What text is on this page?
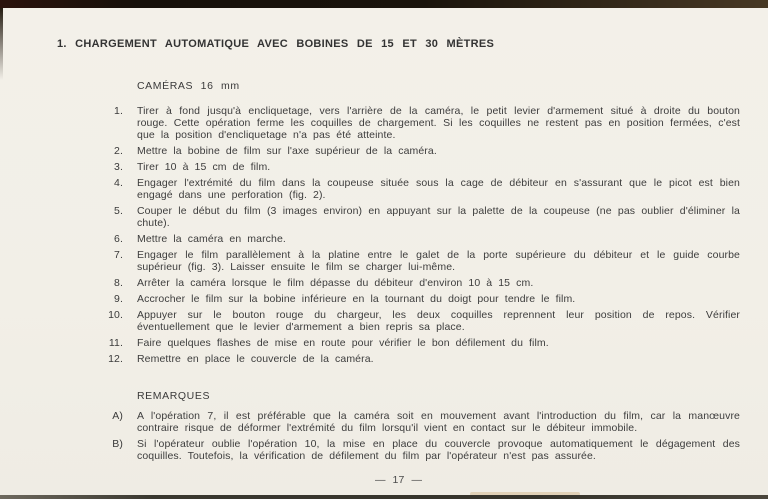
1. CHARGEMENT AUTOMATIQUE AVEC BOBINES DE 15 ET 30 MÈTRES
CAMÉRAS 16 mm
1.	Tirer à fond jusqu'à encliquetage, vers l'arrière de la caméra, le petit levier d'armement situé à droite du bouton rouge. Cette opération ferme les coquilles de chargement. Si les coquilles ne restent pas en position fermées, c'est que la position d'encliquetage n'a pas été atteinte.
2.	Mettre la bobine de film sur l'axe supérieur de la caméra.
3.	Tirer 10 à 15 cm de film.
4.	Engager l'extrémité du film dans la coupeuse située sous la cage de débiteur en s'assurant que le picot est bien engagé dans une perforation (fig. 2).
5.	Couper le début du film (3 images environ) en appuyant sur la palette de la coupeuse (ne pas oublier d'éliminer la chute).
6.	Mettre la caméra en marche.
7.	Engager le film parallèlement à la platine entre le galet de la porte supérieure du débiteur et le guide courbe supérieur (fig. 3). Laisser ensuite le film se charger lui-même.
8.	Arrêter la caméra lorsque le film dépasse du débiteur d'environ 10 à 15 cm.
9.	Accrocher le film sur la bobine inférieure en la tournant du doigt pour tendre le film.
10.	Appuyer sur le bouton rouge du chargeur, les deux coquilles reprennent leur position de repos. Vérifier éventuellement que le levier d'armement a bien repris sa place.
11.	Faire quelques flashes de mise en route pour vérifier le bon défilement du film.
12.	Remettre en place le couvercle de la caméra.
REMARQUES
A)	A l'opération 7, il est préférable que la caméra soit en mouvement avant l'introduction du film, car la manœuvre contraire risque de déformer l'extrémité du film lorsqu'il vient en contact sur le débiteur immobile.
B)	Si l'opérateur oublie l'opération 10, la mise en place du couvercle provoque automatiquement le dégagement des coquilles. Toutefois, la vérification de défilement du film par l'opérateur n'est pas assurée.
— 17 —
